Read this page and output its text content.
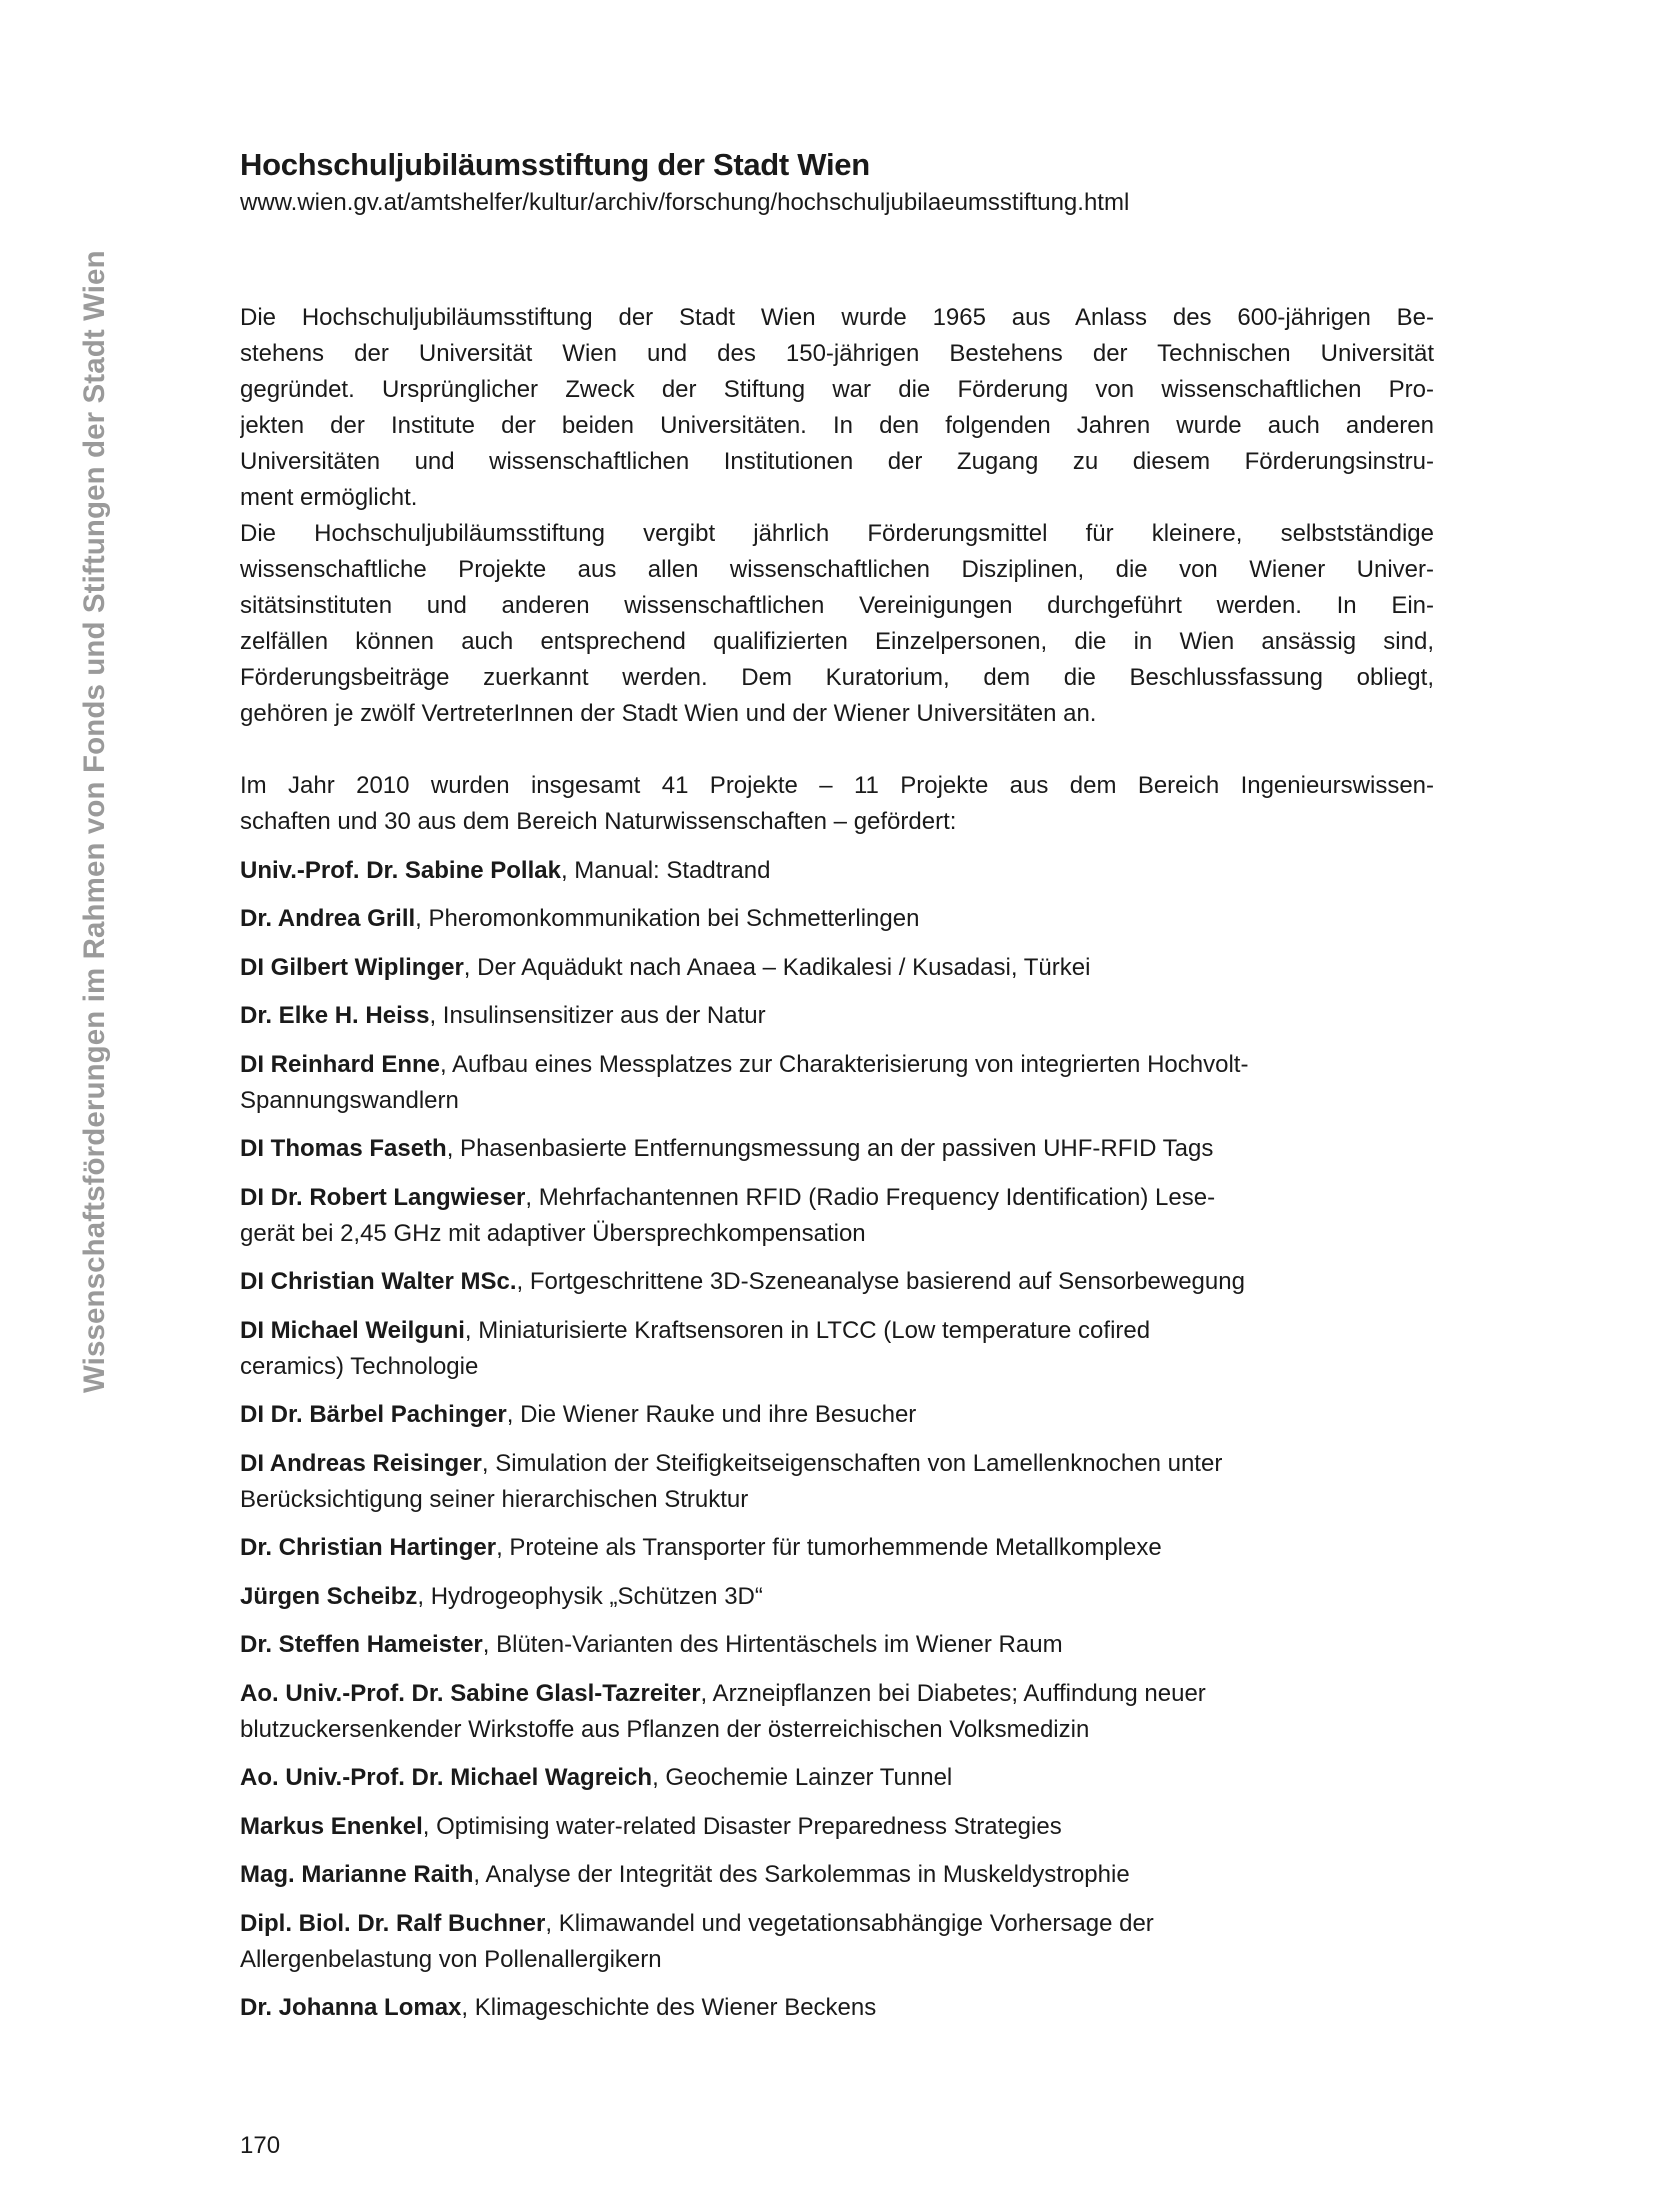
Wissenschaftsförderungen im Rahmen von Fonds und Stiftungen der Stadt Wien
Hochschuljubiläumsstiftung der Stadt Wien
www.wien.gv.at/amtshelfer/kultur/archiv/forschung/hochschuljubilaeumsstiftung.html
Die Hochschuljubiläumsstiftung der Stadt Wien wurde 1965 aus Anlass des 600-jährigen Be-
stehens der Universität Wien und des 150-jährigen Bestehens der Technischen Universität
gegründet. Ursprünglicher Zweck der Stiftung war die Förderung von wissenschaftlichen Pro-
jekten der Institute der beiden Universitäten. In den folgenden Jahren wurde auch anderen
Universitäten und wissenschaftlichen Institutionen der Zugang zu diesem Förderungsinstru-
ment ermöglicht.
Die Hochschuljubiläumsstiftung vergibt jährlich Förderungsmittel für kleinere, selbstständige
wissenschaftliche Projekte aus allen wissenschaftlichen Disziplinen, die von Wiener Univer-
sitätsinstituten und anderen wissenschaftlichen Vereinigungen durchgeführt werden. In Ein-
zelfällen können auch entsprechend qualifizierten Einzelpersonen, die in Wien ansässig sind,
Förderungsbeiträge zuerkannt werden. Dem Kuratorium, dem die Beschlussfassung obliegt,
gehören je zwölf VertreterInnen der Stadt Wien und der Wiener Universitäten an.
Im Jahr 2010 wurden insgesamt 41 Projekte – 11 Projekte aus dem Bereich Ingenieurswissen-
schaften und 30 aus dem Bereich Naturwissenschaften – gefördert:
Univ.-Prof. Dr. Sabine Pollak, Manual: Stadtrand
Dr. Andrea Grill, Pheromonkommunikation bei Schmetterlingen
DI Gilbert Wiplinger, Der Aquädukt nach Anaea – Kadikalesi / Kusadasi, Türkei
Dr. Elke H. Heiss, Insulinsensitizer aus der Natur
DI Reinhard Enne, Aufbau eines Messplatzes zur Charakterisierung von integrierten Hochvolt-
Spannungswandlern
DI Thomas Faseth, Phasenbasierte Entfernungsmessung an der passiven UHF-RFID Tags
DI Dr. Robert Langwieser, Mehrfachantennen RFID (Radio Frequency Identification) Lese-
gerät bei 2,45 GHz mit adaptiver Übersprechkompensation
DI Christian Walter MSc., Fortgeschrittene 3D-Szeneanalyse basierend auf Sensorbewegung
DI Michael Weilguni, Miniaturisierte Kraftsensoren in LTCC (Low temperature cofired
ceramics) Technologie
DI Dr. Bärbel Pachinger, Die Wiener Rauke und ihre Besucher
DI Andreas Reisinger, Simulation der Steifigkeitseigenschaften von Lamellenknochen unter
Berücksichtigung seiner hierarchischen Struktur
Dr. Christian Hartinger, Proteine als Transporter für tumorhemmende Metallkomplexe
Jürgen Scheibz, Hydrogeophysik „Schützen 3D“
Dr. Steffen Hameister, Blüten-Varianten des Hirtentäschels im Wiener Raum
Ao. Univ.-Prof. Dr. Sabine Glasl-Tazreiter, Arzneipflanzen bei Diabetes; Auffindung neuer
blutzuckersenkender Wirkstoffe aus Pflanzen der österreichischen Volksmedizin
Ao. Univ.-Prof. Dr. Michael Wagreich, Geochemie Lainzer Tunnel
Markus Enenkel, Optimising water-related Disaster Preparedness Strategies
Mag. Marianne Raith, Analyse der Integrität des Sarkolemmas in Muskeldystrophie
Dipl. Biol. Dr. Ralf Buchner, Klimawandel und vegetationsabhängige Vorhersage der
Allergenbelastung von Pollenallergikern
Dr. Johanna Lomax, Klimageschichte des Wiener Beckens
170
